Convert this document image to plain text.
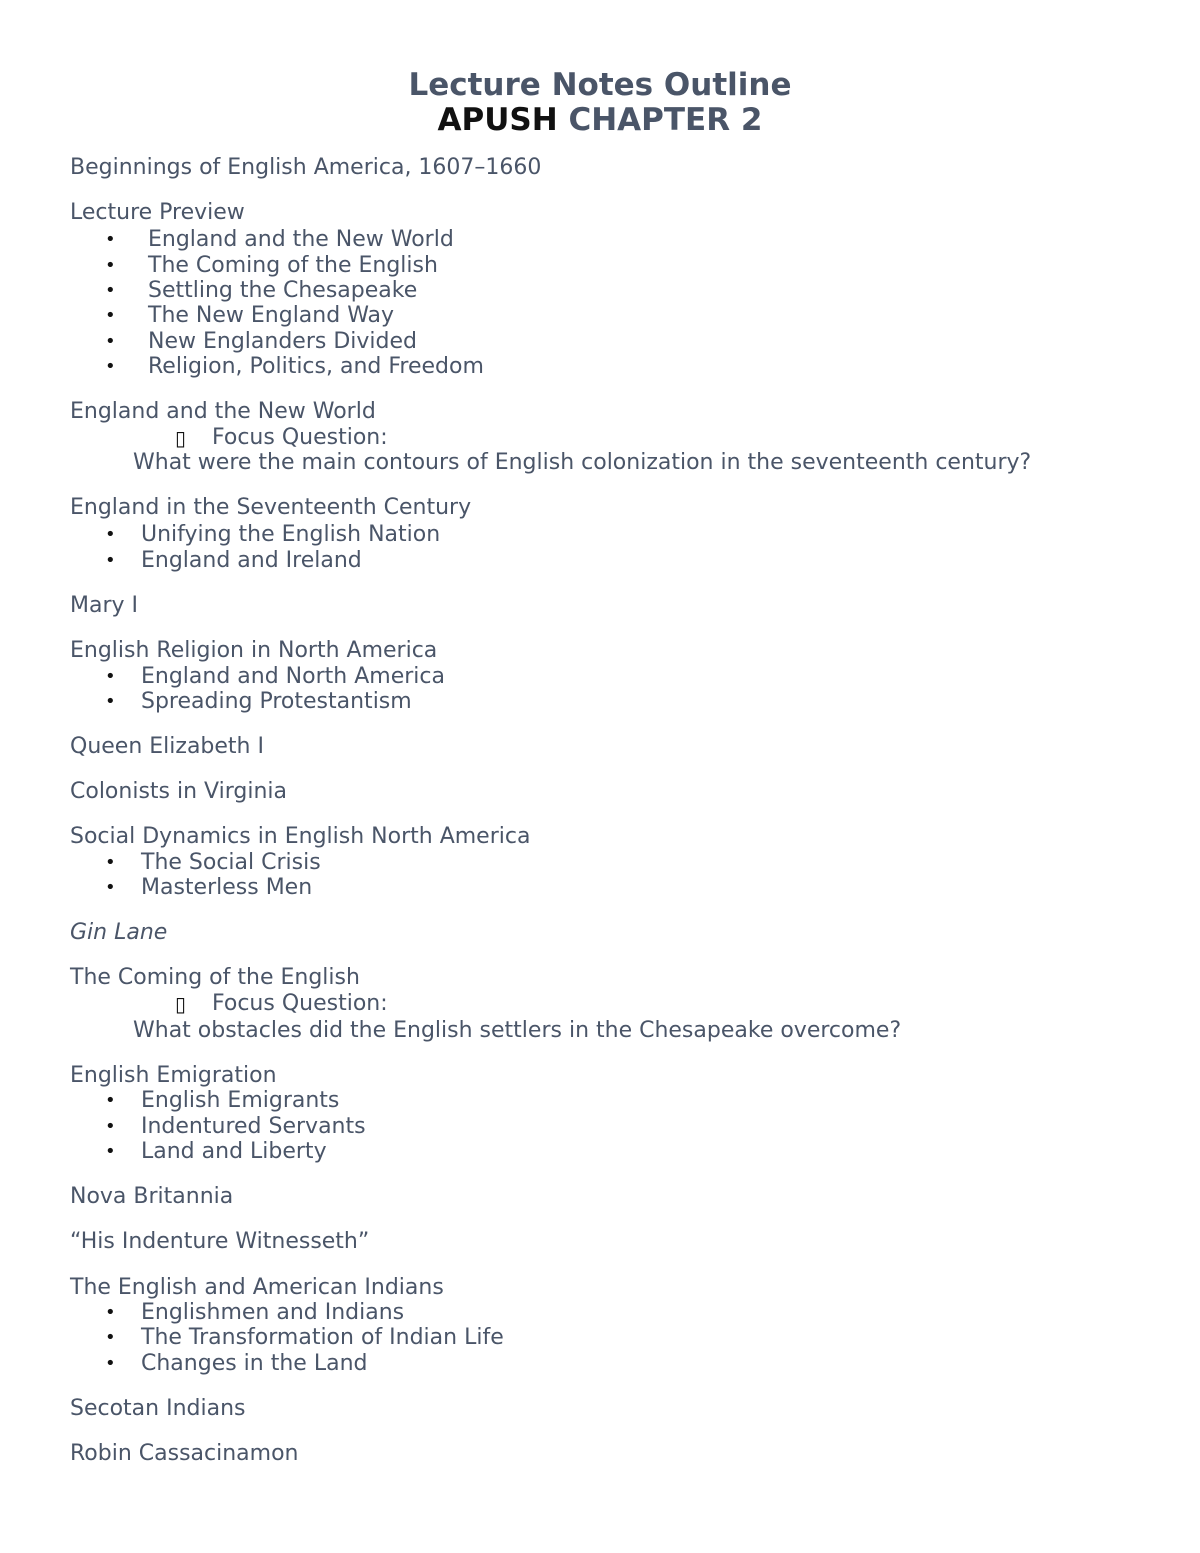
Lecture Notes Outline
APUSH CHAPTER 2

Beginnings of English America, 1607–1660

Lecture Preview

• England and the New World
• The Coming of the English
• Settling the Chesapeake
• The New England Way
• New Englanders Divided
• Religion, Politics, and Freedom

England and the New World

▯ Focus Question:
What were the main contours of English colonization in the seventeenth century?

England in the Seventeenth Century

• Unifying the English Nation
• England and Ireland

Mary I

English Religion in North America

• England and North America
• Spreading Protestantism

Queen Elizabeth I

Colonists in Virginia

Social Dynamics in English North America

• The Social Crisis
• Masterless Men

Gin Lane

The Coming of the English

▯ Focus Question:
What obstacles did the English settlers in the Chesapeake overcome?

English Emigration

• English Emigrants
• Indentured Servants
• Land and Liberty

Nova Britannia

“His Indenture Witnesseth”

The English and American Indians

• Englishmen and Indians
• The Transformation of Indian Life
• Changes in the Land

Secotan Indians

Robin Cassacinamon
